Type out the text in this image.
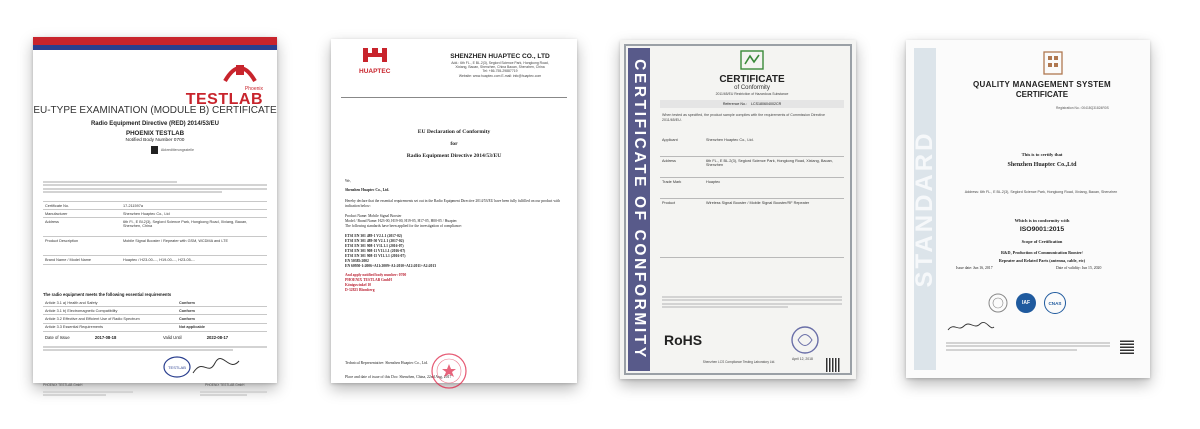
Phoenix
TESTLAB
EU-TYPE EXAMINATION (MODULE B) CERTIFICATE
Radio Equipment Directive (RED) 2014/53/EU
PHOENIX TESTLAB
Notified Body Number 0700
Akkreditierungsstelle
Certificate No.	17-211597a
Manufacturer	Shenzhen Huaptec Co., Ltd
Address	6th Fl., E Bl.2(3), Seglord Science Park, Hongkong Road, Xixiang, Baoan, Shenzhen, China
Product Description	Mobile Signal Booster / Repeater with GSM, WCDMA and LTE
Brand Name / Model Name	Huaptec / H23-00-..., H19-00-..., H23-05-...
The radio equipment meets the following essential requirements
Article 3.1 a) Health and Safety	Conform
Article 3.1 b) Electromagnetic Compatibility	Conform
Article 3.2 Effective and Efficient Use of Radio Spectrum	Conform
Article 3.3 Essential Requirements	Not applicable
Date of Issue	2017-08-18	Valid Until	2022-08-17
TESTLAB
PHOENIX TESTLAB GmbH	PHOENIX TESTLAB GmbH
HUAPTEC
SHENZHEN HUAPTEC CO., LTD
Add.: 6th FL., E BL.2(3), Seglord Science Park, Hongkong Road,
Xixiang, Baoan, Shenzhen, China Baoan, Shenzhen, China
Tel: +86-755-29887719
Website: www.huaptec.com E-mail: info@huaptec.com
EU Declaration of Conformity
for
Radio Equipment Directive 2014/53/EU
We,
Shenzhen Huaptec Co., Ltd.
Hereby declare that the essential requirements set out in the Radio Equipment Directive 2014/53/EU have been fully fulfilled on our product with indication below:
Product Name: Mobile Signal Booster
Model / Brand Name: H23-00, H19-00, H19-05, H17-05, H00-05 / Huaptec
The following standards have been applied for the investigation of compliance:
ETSI EN 301 489-1 V2.1.1 (2017-02)
ETSI EN 301 489-50 V2.1.1 (2017-02)
ETSI EN 301 908-1 V11.1.1 (2016-07)
ETSI EN 301 908-11 V11.1.1 (2016-07)
ETSI EN 301 908-15 V11.1.1 (2016-07)
EN 50385:2002
EN 60950-1:2006+A11:2009+A1:2010+A12:2011+A2:2013
And apply notified body number: 0700
PHOENIX TESTLAB GmbH
Königswinkel 10
D-32825 Blomberg
Technical Representative: Shenzhen Huaptec Co., Ltd.
Place and date of issue of this Doc: Shenzhen, China, 22nd Aug, 2017
CERTIFICATE OF CONFORMITY	CERTIFICATE
of Conformity
2011/65/EU Restriction of Hazardous Substance
Reference No.: LCS180604002CR
When tested as specified, the product sample complies with the requirements of Commission Directive 2011/65/EU.
Applicant	Shenzhen Huaptec Co., Ltd.
Address	6th FL., E BL.2(3), Seglord Science Park, Hongkong Road, Xixiang, Baoan, Shenzhen
Trade Mark	Huaptec
Product	Wireless Signal Booster / Mobile Signal Booster/RF Repeater
RoHS
April 12, 2018
Shenzhen LCS Compliance Testing Laboratory Ltd.
STANDARD
QUALITY MANAGEMENT SYSTEM
CERTIFICATE
Registration No.: 00418Q31824R0S
This is to certify that
Shenzhen Huaptec Co.,Ltd
Address: 6th FL., E BL.2(3), Seglord Science Park, Hongkong Road, Xixiang, Baoan, Shenzhen
Which is in conformity with
ISO9001:2015
Scope of Certification
R&D, Production of Communication Booster/
Repeater and Related Parts (antenna, cable, etc)
Issue date: Jun 16, 2017	Date of validity: Jun 15, 2020
IAF	CNAS
